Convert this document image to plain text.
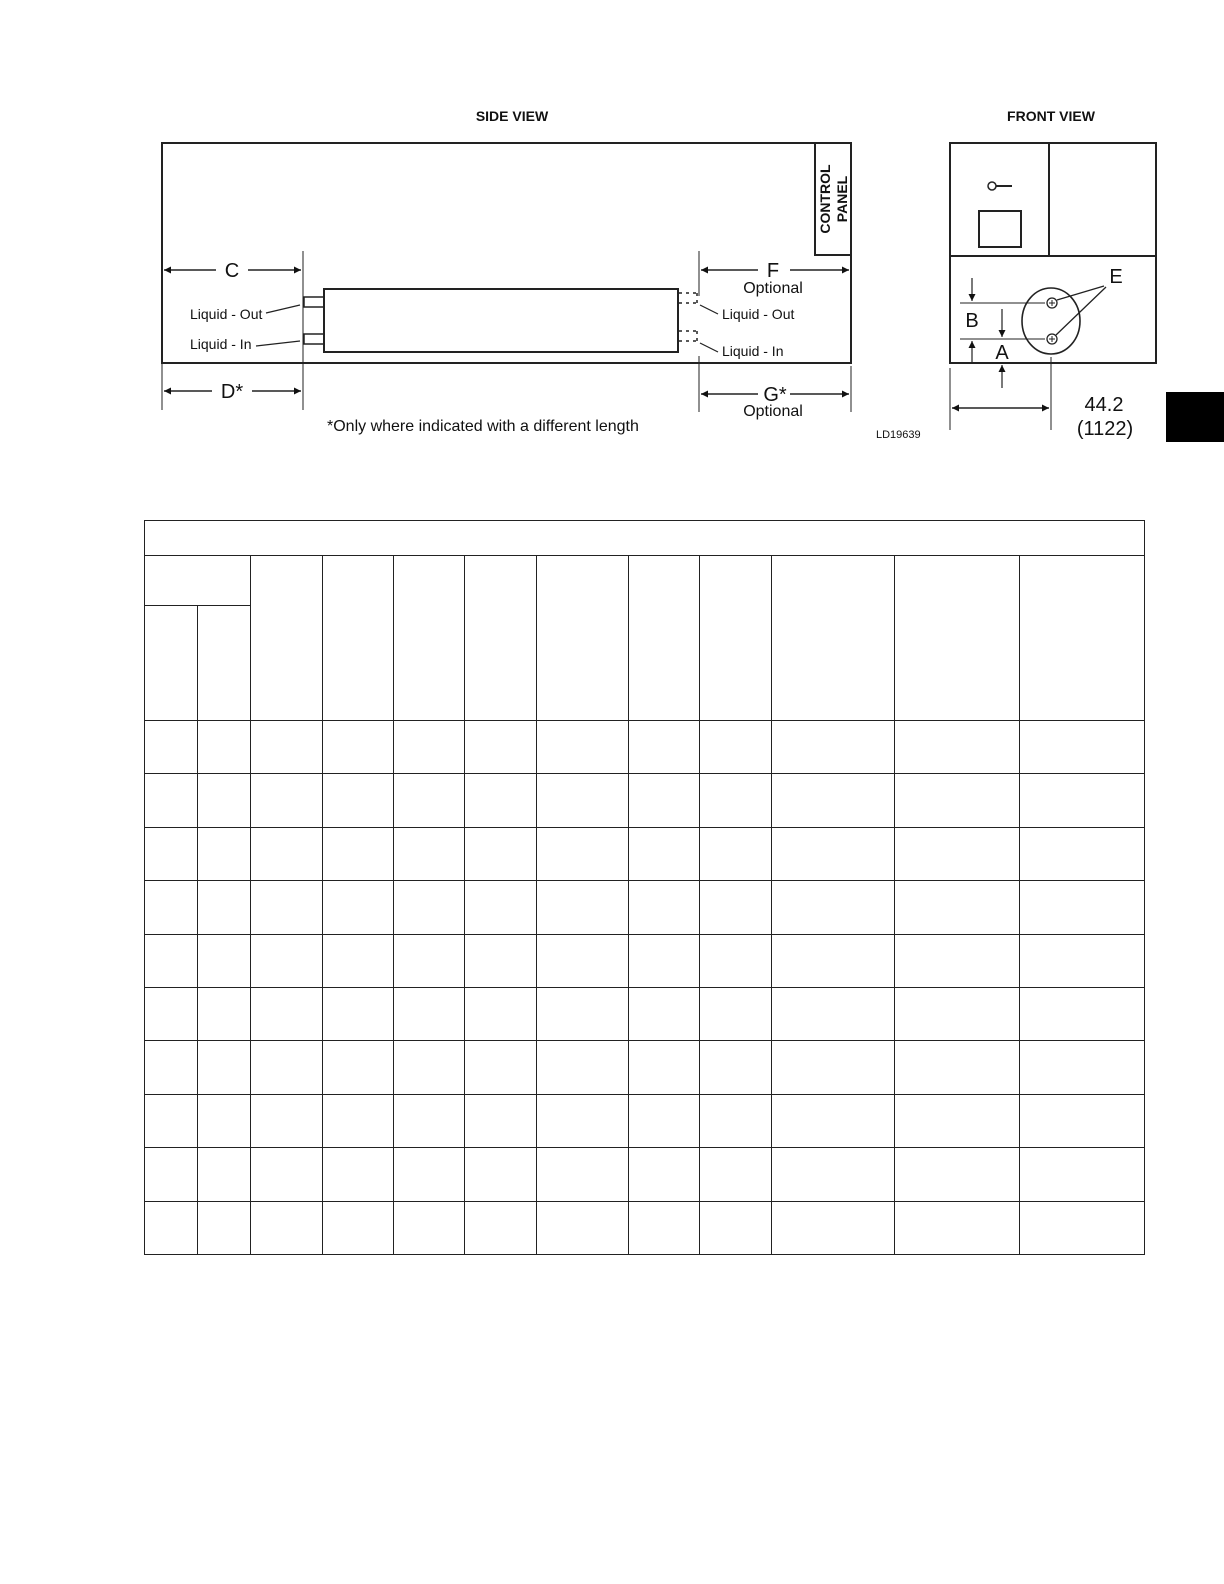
SIDE VIEW
CONTROL PANEL
C
D*
F
Optional
G*
Optional
Liquid - Out
Liquid - In
Liquid - Out
Liquid - In
*Only where indicated with a different length	LD19639
FRONT VIEW
E
B
A
44.2
(1122)
